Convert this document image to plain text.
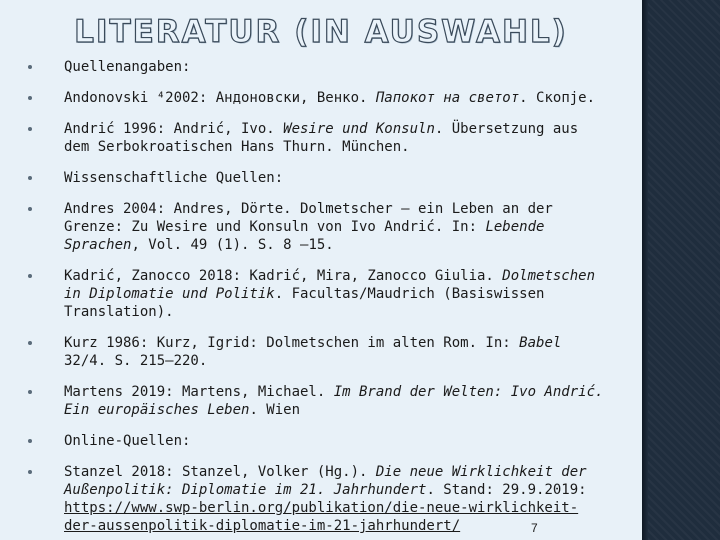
LITERATUR (IN AUSWAHL)
Quellenangaben:
Andonovski ⁴2002: Андоновски, Венко. Папокот на светот. Скопје.
Andrić 1996: Andrić, Ivo. Wesire und Konsuln. Übersetzung aus dem Serbokroatischen Hans Thurn. München.
Wissenschaftliche Quellen:
Andres 2004: Andres, Dörte. Dolmetscher – ein Leben an der Grenze: Zu Wesire und Konsuln von Ivo Andrić. In: Lebende Sprachen, Vol. 49 (1). S. 8 –15.
Kadrić, Zanocco 2018: Kadrić, Mira, Zanocco Giulia. Dolmetschen in Diplomatie und Politik. Facultas/Maudrich (Basiswissen Translation).
Kurz 1986: Kurz, Igrid: Dolmetschen im alten Rom. In: Babel 32/4. S. 215–220.
Martens 2019: Martens, Michael. Im Brand der Welten: Ivo Andrić. Ein europäisches Leben. Wien
Online-Quellen:
Stanzel 2018: Stanzel, Volker (Hg.). Die neue Wirklichkeit der Außenpolitik: Diplomatie im 21. Jahrhundert. Stand: 29.9.2019: https://www.swp-berlin.org/publikation/die-neue-wirklichkeit-der-aussenpolitik-diplomatie-im-21-jahrhundert/	7
